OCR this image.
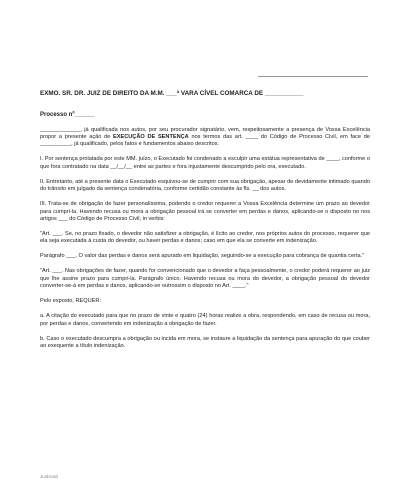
EXMO. SR. DR. JUIZ DE DIREITO DA M.M. ___ª VARA CÍVEL COMARCA DE ___________

Processo nº______

_____________, já qualificada nos autos, por seu procurador signatário, vem, respeitosamente a presença de Vossa Excelência propor a presente ação de EXECUÇÃO DE SENTENÇA nos termos das art. ____ do Código de Processo Civil, em face de __________, já qualificado, pelos fatos e fundamentos abaixo descritos.

I. Por sentença prolatada por este MM. juízo, o Executado foi condenado a esculpir uma estátua representativa de ____, conforme o que fora contratado na data __/__/__ entre as partes e fora injustamente descumprido pelo ora, executado.

II. Entretanto, até a presente data o Executado esquivou-se de cumprir com sua obrigação, apesar de devidamente intimado quando do trânsito em julgado da sentença condenatória, conforme certidão constante às fls. __ dos autos.

III. Trata-se de obrigação de fazer personalíssima, podendo o credor requerer a Vossa Excelência determine um prazo ao devedor para cumpri-la. Havendo recusa ou mora a obrigação pessoal irá se converter em perdas e danos, aplicando-se o disposto no nos artigos ___ do Código de Processo Civil, in verbis:

"Art. ___. Se, no prazo fixado, o devedor não satisfizer a obrigação, é lícito ao credor, nos próprios autos do processo, requerer que ela seja executada à custa do devedor, ou haver perdas e danos; caso em que ela se converte em indenização.

Parágrafo ___. O valor das perdas e danos será apurado em liquidação, seguindo-se a execução para cobrança de quantia certa."

"Art. ___. Nas obrigações de fazer, quando for convencionado que o devedor a faça pessoalmente, o credor poderá requerer ao juiz que lhe assine prazo para cumpri-la. Parágrafo único. Havendo recusa ou mora do devedor, a obrigação pessoal do devedor converter-se-á em perdas e danos, aplicando-se outrossim o disposto no Art. ____."

Pelo exposto, REQUER:

a. A citação do executado para que no prazo de vinte e quatro (24) horas realize a obra, respondendo, em caso de recusa ou mora, por perdas e danos, convertendo em indenização a obrigação de fazer.

b. Caso o executado descumpra a obrigação ou incida em mora, se instaure a liquidação da sentença para apuração do que couber ao exequente a título indenização.

Jusbrasil
